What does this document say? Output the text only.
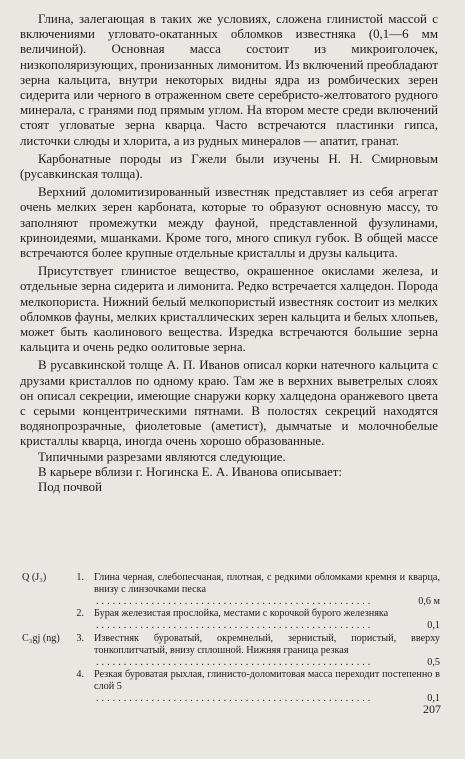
Глина, залегающая в таких же условиях, сложена глинистой массой с включениями угловато-окатанных обломков известняка (0,1—6 мм величиной). Основная масса состоит из микроиголочек, низкополяризующих, пронизанных лимонитом. Из включений преобладают зерна кальцита, внутри некоторых видны ядра из ромбических зерен сидерита или черного в отраженном свете серебристо-желтоватого рудного минерала, с гранями под прямым углом. На втором месте среди включений стоят угловатые зерна кварца. Часто встречаются пластинки гипса, листочки слюды и хлорита, а из рудных минералов — апатит, гранат.

Карбонатные породы из Гжели были изучены Н. Н. Смирновым (русавкинская толща).

Верхний доломитизированный известняк представляет из себя агрегат очень мелких зерен карбоната, которые то образуют основную массу, то заполняют промежутки между фауной, представленной фузулинами, криноидеями, мшанками. Кроме того, много спикул губок. В общей массе встречаются более крупные отдельные кристаллы и друзы кальцита.

Присутствует глинистое вещество, окрашенное окислами железа, и отдельные зерна сидерита и лимонита. Редко встречается халцедон. Порода мелкопориста. Нижний белый мелкопористый известняк состоит из мелких обломков фауны, мелких кристаллических зерен кальцита и белых хлопьев, может быть каолинового вещества. Изредка встречаются большие зерна кальцита и очень редко оолитовые зерна.

В русавкинской толще А. П. Иванов описал корки натечного кальцита с друзами кристаллов по одному краю. Там же в верхних выветрелых слоях он описал секреции, имеющие снаружи корку халцедона оранжевого цвета с серыми концентрическими пятнами. В полостях секреций находятся водянопрозрачные, фиолетовые (аметист), дымчатые и молочнобелые кристаллы кварца, иногда очень хорошо образованные.

Типичными разрезами являются следующие.

В карьере вблизи г. Ногинска Е. А. Иванова описывает:

Под почвой

Q (J₃)	1. Глина черная, слебопесчаная, плотная, с редкими обломками кремня и кварца, внизу с линзочками песка
..................................................	0,6 м
2. Бурая железистая прослойка, местами с корочкой бурого железняка
..................................................	0,1
C₃gj (ng)	3. Известняк буроватый, окремнелый, зернистый, пористый, вверху тонкоплитчатый, внизу сплошной. Нижняя граница резкая
..................................................	0,5
4. Резкая буроватая рыхлая, глинисто-доломитовая масса переходит постепенно в слой 5
..................................................	0,1
207
